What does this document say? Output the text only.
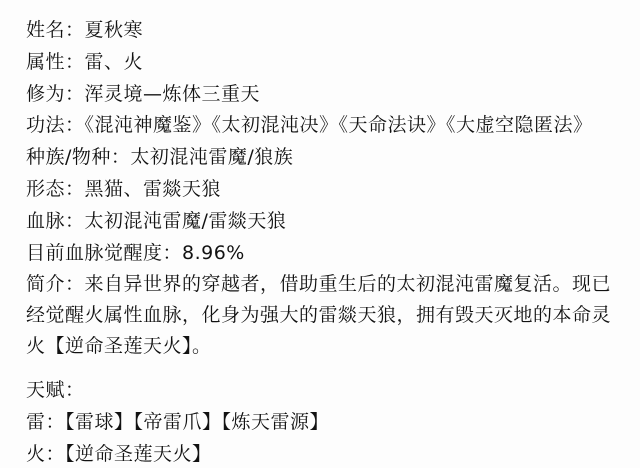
姓名：夏秋寒
属性：雷、火
修为：浑灵境—炼体三重天
功法：《混沌神魔鉴》《太初混沌决》《天命法诀》《大虚空隐匿法》
种族/物种：太初混沌雷魔/狼族
形态：黑猫、雷燚天狼
血脉：太初混沌雷魔/雷燚天狼
目前血脉觉醒度：8.96%
简介：来自异世界的穿越者，借助重生后的太初混沌雷魔复活。现已经觉醒火属性血脉，化身为强大的雷燚天狼，拥有毁天灭地的本命灵火【逆命圣莲天火】。
天赋：
雷：【雷球】【帝雷爪】【炼天雷源】
火：【逆命圣莲天火】
